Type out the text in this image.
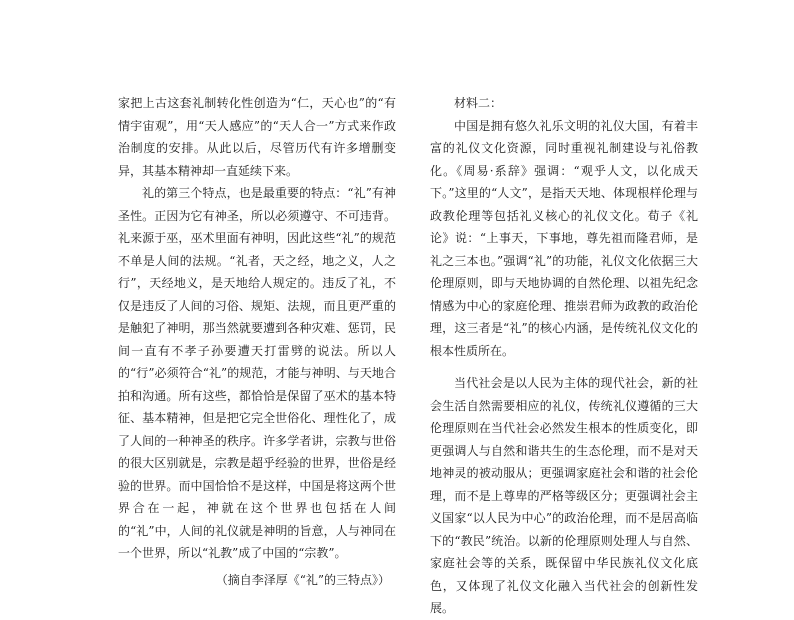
家把上古这套礼制转化性创造为“仁，天心也”的“有情宇宙观”，用“天人感应”的“天人合一”方式来作政治制度的安排。从此以后，尽管历代有许多增删变异，其基本精神却一直延续下来。

礼的第三个特点，也是最重要的特点：“礼”有神圣性。正因为它有神圣，所以必须遵守、不可违背。礼来源于巫，巫术里面有神明，因此这些“礼”的规范不单是人间的法规。“礼者，天之经，地之义，人之行”，天经地义，是天地给人规定的。违反了礼，不仅是违反了人间的习俗、规矩、法规，而且更严重的是触犯了神明，那当然就要遭到各种灾难、惩罚，民间一直有不孝子孙要遭天打雷劈的说法。所以人的“行”必须符合“礼”的规范，才能与神明、与天地合拍和沟通。所有这些，都恰恰是保留了巫术的基本特征、基本精神，但是把它完全世俗化、理性化了，成了人间的一种神圣的秩序。许多学者讲，宗教与世俗的很大区别就是，宗教是超乎经验的世界，世俗是经验的世界。而中国恰恰不是这样，中国是将这两个世界合在一起，神就在这个世界也包括在人间的“礼”中，人间的礼仪就是神明的旨意，人与神同在一个世界，所以“礼教”成了中国的“宗教”。

（摘自李泽厚《“礼”的三特点》）

材料二：

中国是拥有悠久礼乐文明的礼仪大国，有着丰富的礼仪文化资源，同时重视礼制建设与礼俗教化。《周易·系辞》强调：“观乎人文，以化成天下。”这里的“人文”，是指天天地、体现根样伦理与政教伦理等包括礼义核心的礼仪文化。荀子《礼论》说：“上事天，下事地，尊先祖而隆君师，是礼之三本也。”强调“礼”的功能，礼仪文化依据三大伦理原则，即与天地协调的自然伦理、以祖先纪念情感为中心的家庭伦理、推崇君师为政教的政治伦理，这三者是“礼”的核心内涵，是传统礼仪文化的根本性质所在。

当代社会是以人民为主体的现代社会，新的社会生活自然需要相应的礼仪，传统礼仪遵循的三大伦理原则在当代社会必然发生根本的性质变化，即更强调人与自然和谐共生的生态伦理，而不是对天地神灵的被动服从；更强调家庭社会和谐的社会伦理，而不是上尊卑的严格等级区分；更强调社会主义国家“以人民为中心”的政治伦理，而不是居高临下的“教民”统治。以新的伦理原则处理人与自然、家庭社会等的关系，既保留中华民族礼仪文化底色，又体现了礼仪文化融入当代社会的创新性发展。
